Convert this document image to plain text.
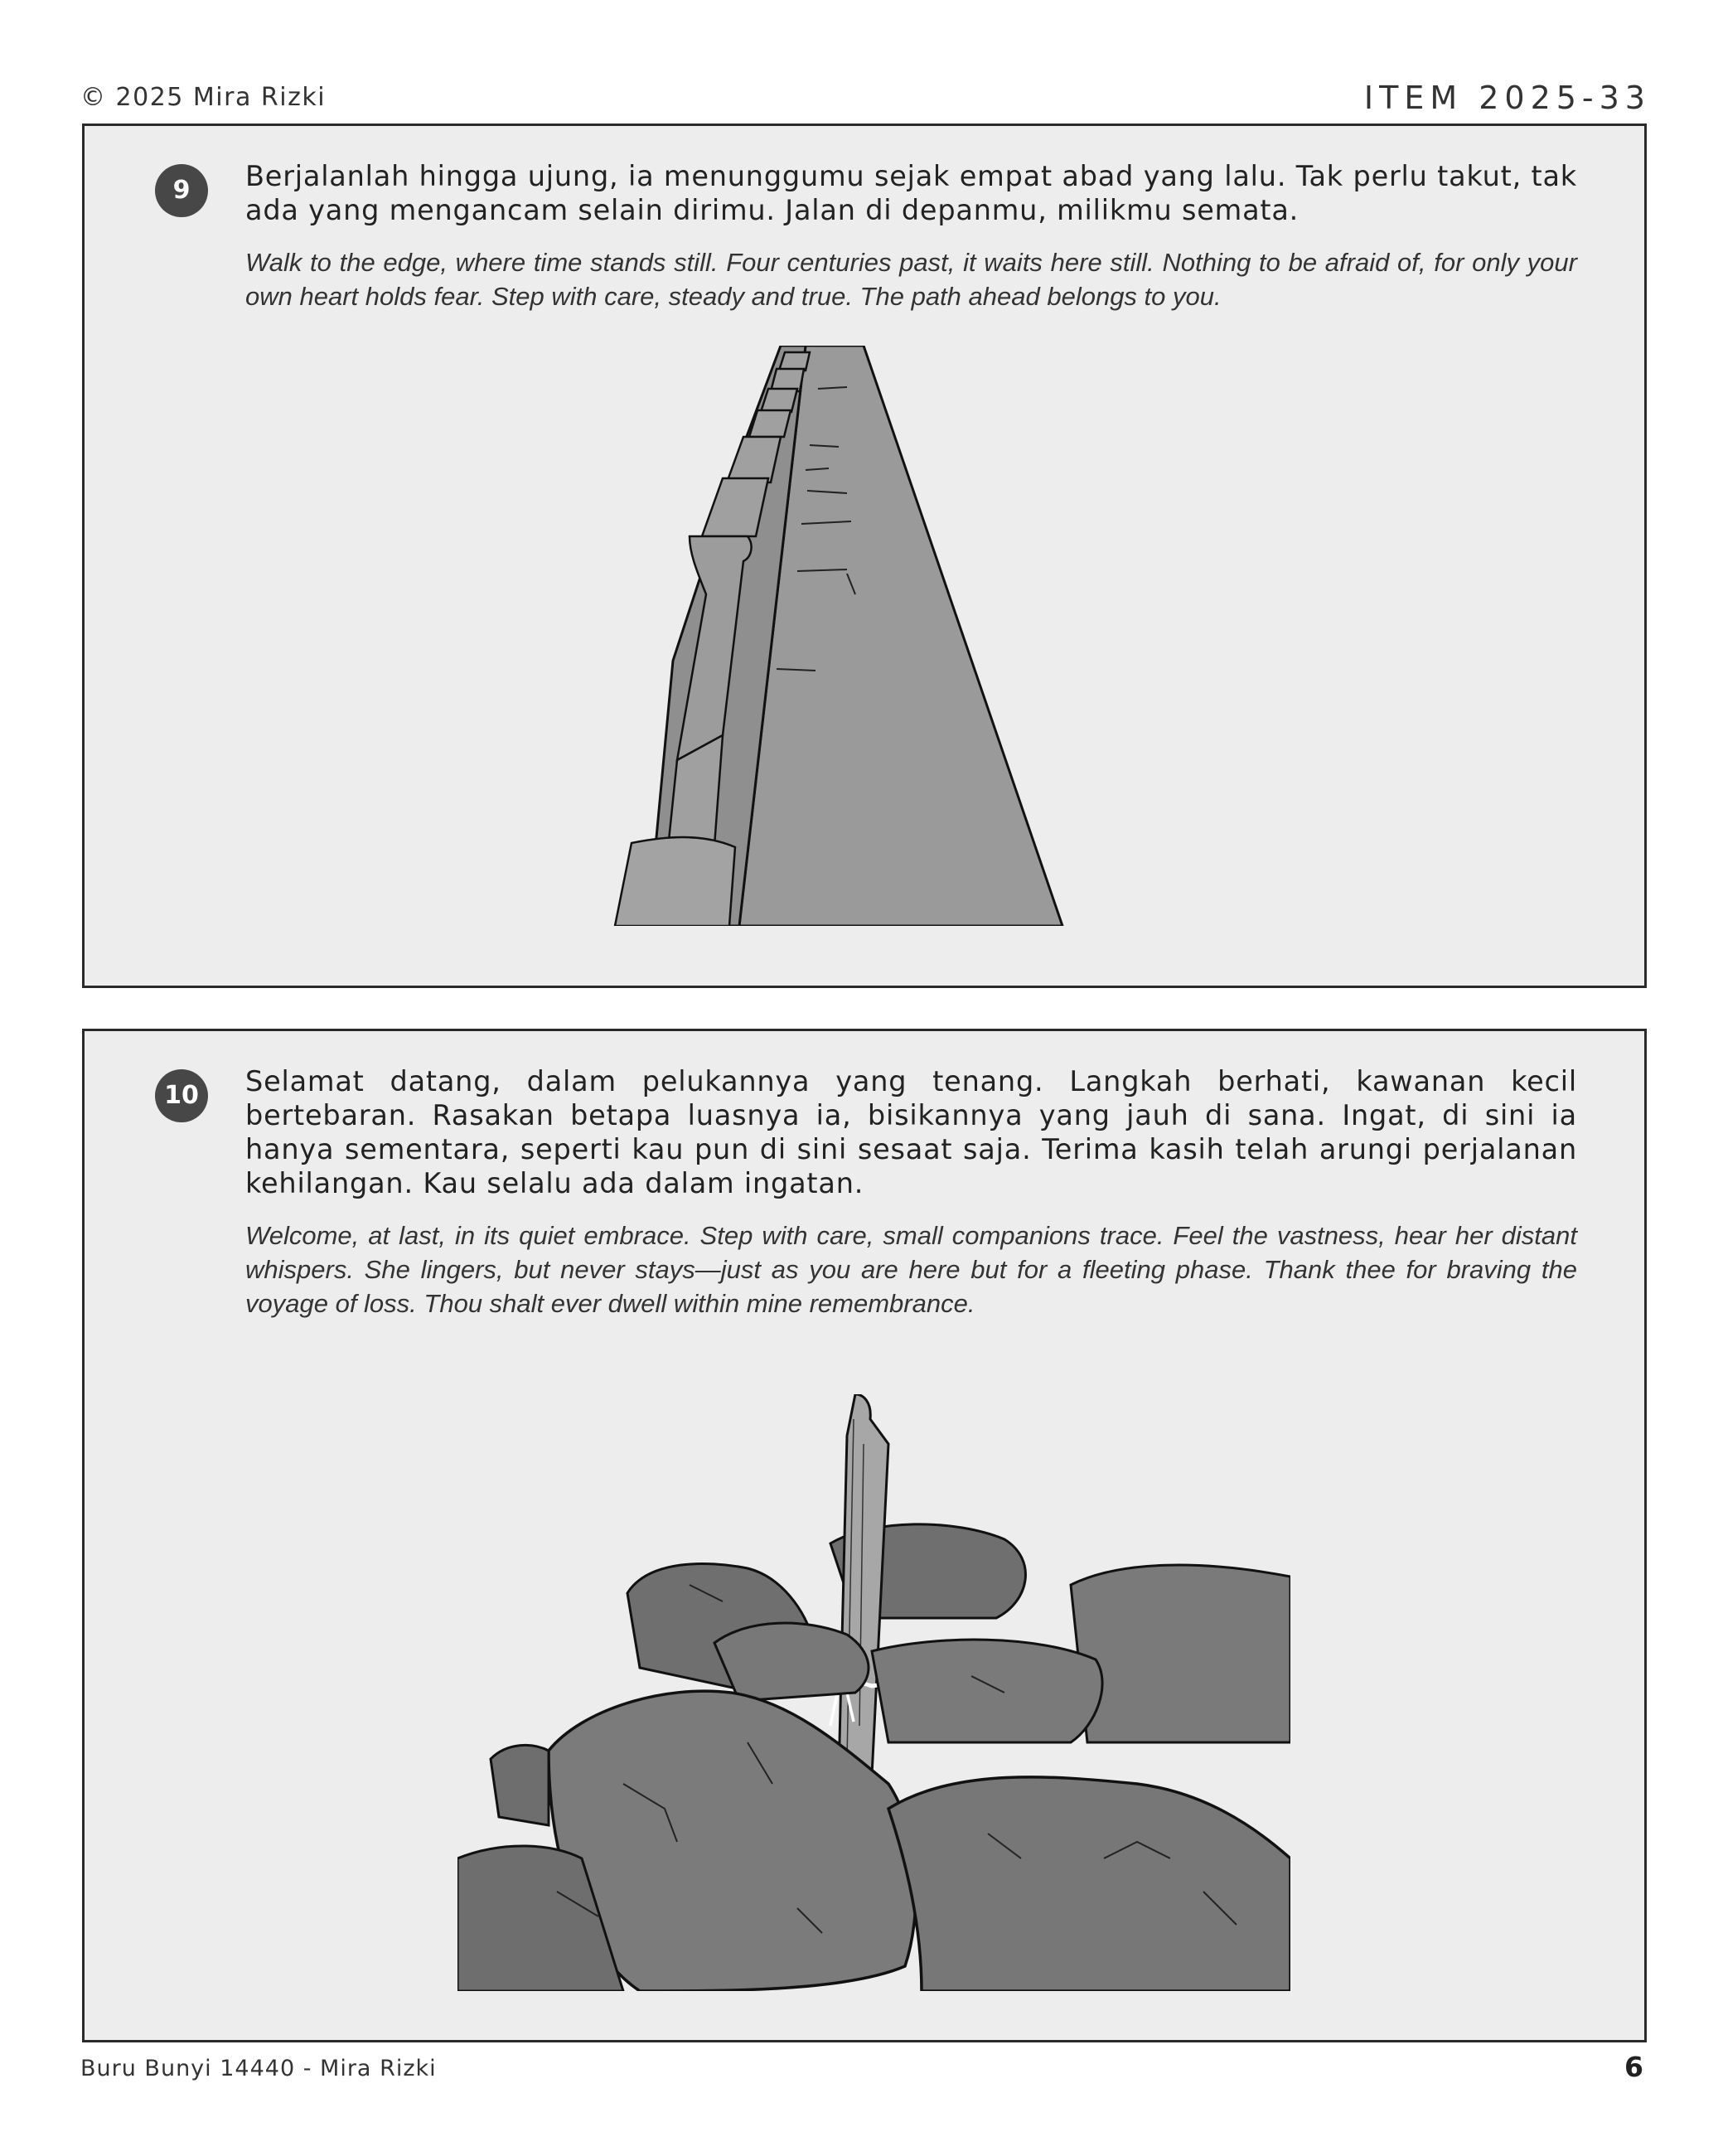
© 2025 Mira Rizki	ITEM 2025-33
9	Berjalanlah hingga ujung, ia menunggumu sejak empat abad yang lalu. Tak perlu takut, tak ada yang mengancam selain dirimu. Jalan di depanmu, milikmu semata.

Walk to the edge, where time stands still. Four centuries past, it waits here still. Nothing to be afraid of, for only your own heart holds fear. Step with care, steady and true. The path ahead belongs to you.

10	Selamat datang, dalam pelukannya yang tenang. Langkah berhati, kawanan kecil bertebaran. Rasakan betapa luasnya ia, bisikannya yang jauh di sana. Ingat, di sini ia hanya sementara, seperti kau pun di sini sesaat saja. Terima kasih telah arungi perjalanan kehilangan. Kau selalu ada dalam ingatan.

Welcome, at last, in its quiet embrace. Step with care, small companions trace. Feel the vastness, hear her distant whispers. She lingers, but never stays—just as you are here but for a fleeting phase. Thank thee for braving the voyage of loss. Thou shalt ever dwell within mine remembrance.

Buru Bunyi 14440 - Mira Rizki	6
